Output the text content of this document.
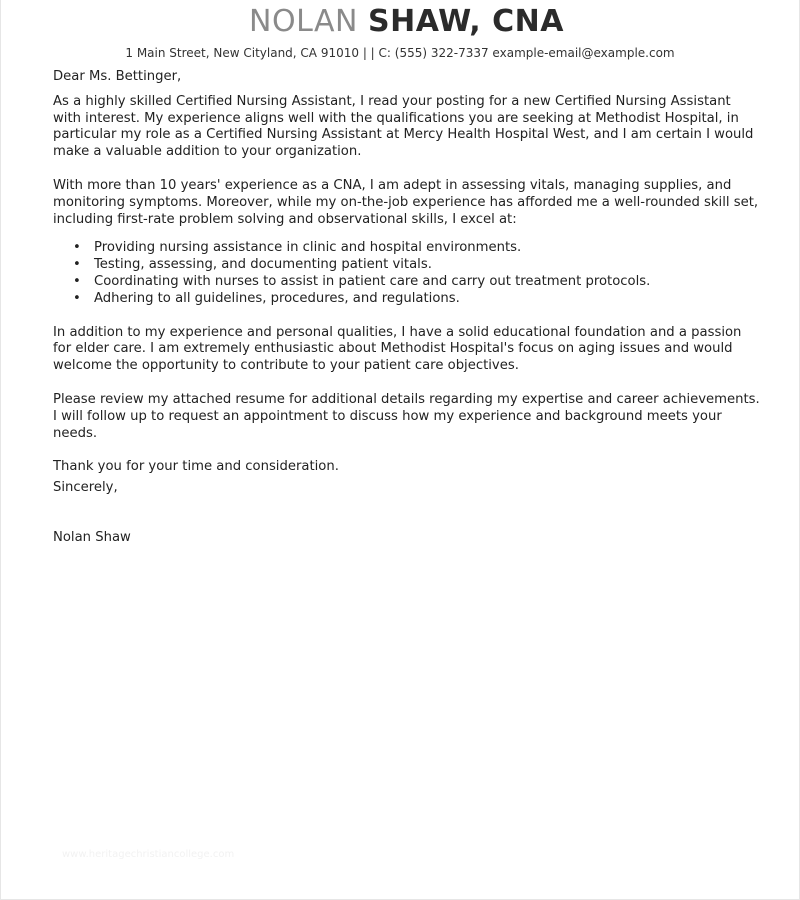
NOLAN SHAW, CNA
1 Main Street, New Cityland, CA 91010 | | C: (555) 322-7337 example-email@example.com

Dear Ms. Bettinger,

As a highly skilled Certified Nursing Assistant, I read your posting for a new Certified Nursing Assistant with interest. My experience aligns well with the qualifications you are seeking at Methodist Hospital, in particular my role as a Certified Nursing Assistant at Mercy Health Hospital West, and I am certain I would make a valuable addition to your organization.

With more than 10 years' experience as a CNA, I am adept in assessing vitals, managing supplies, and monitoring symptoms. Moreover, while my on-the-job experience has afforded me a well-rounded skill set, including first-rate problem solving and observational skills, I excel at:

• Providing nursing assistance in clinic and hospital environments.
• Testing, assessing, and documenting patient vitals.
• Coordinating with nurses to assist in patient care and carry out treatment protocols.
• Adhering to all guidelines, procedures, and regulations.

In addition to my experience and personal qualities, I have a solid educational foundation and a passion for elder care. I am extremely enthusiastic about Methodist Hospital's focus on aging issues and would welcome the opportunity to contribute to your patient care objectives.

Please review my attached resume for additional details regarding my expertise and career achievements. I will follow up to request an appointment to discuss how my experience and background meets your needs.

Thank you for your time and consideration.

Sincerely,

Nolan Shaw

www.heritagechristiancollege.com
